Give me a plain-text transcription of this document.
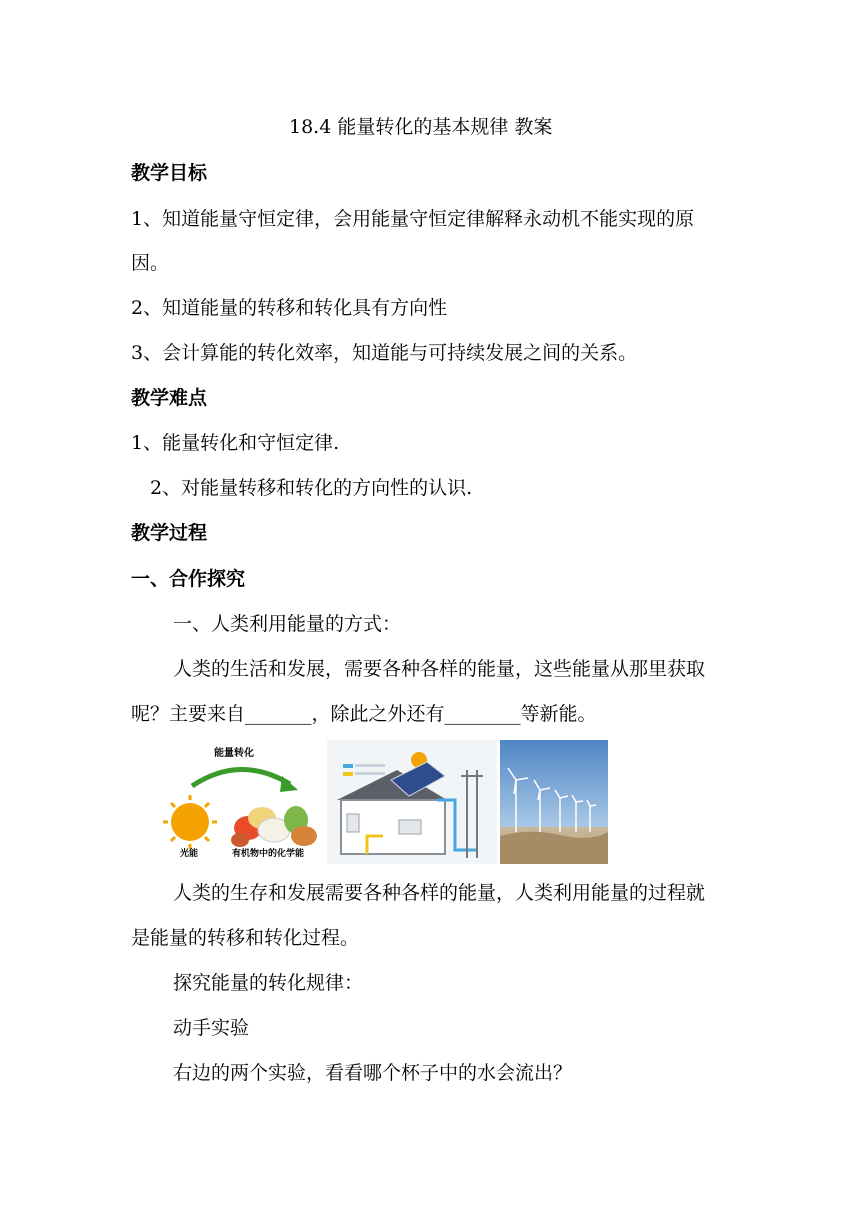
18.4 能量转化的基本规律 教案
教学目标
1、知道能量守恒定律，会用能量守恒定律解释永动机不能实现的原
因。
2、知道能量的转移和转化具有方向性
3、会计算能的转化效率，知道能与可持续发展之间的关系。
教学难点
1、能量转化和守恒定律.
2、对能量转移和转化的方向性的认识.
教学过程
一、合作探究
一、人类利用能量的方式：
人类的生活和发展，需要各种各样的能量，这些能量从那里获取
呢？主要来自_______，除此之外还有________等新能。
能量转化
光能	有机物中的化学能
人类的生存和发展需要各种各样的能量，人类利用能量的过程就
是能量的转移和转化过程。
探究能量的转化规律：
动手实验
右边的两个实验，看看哪个杯子中的水会流出？
